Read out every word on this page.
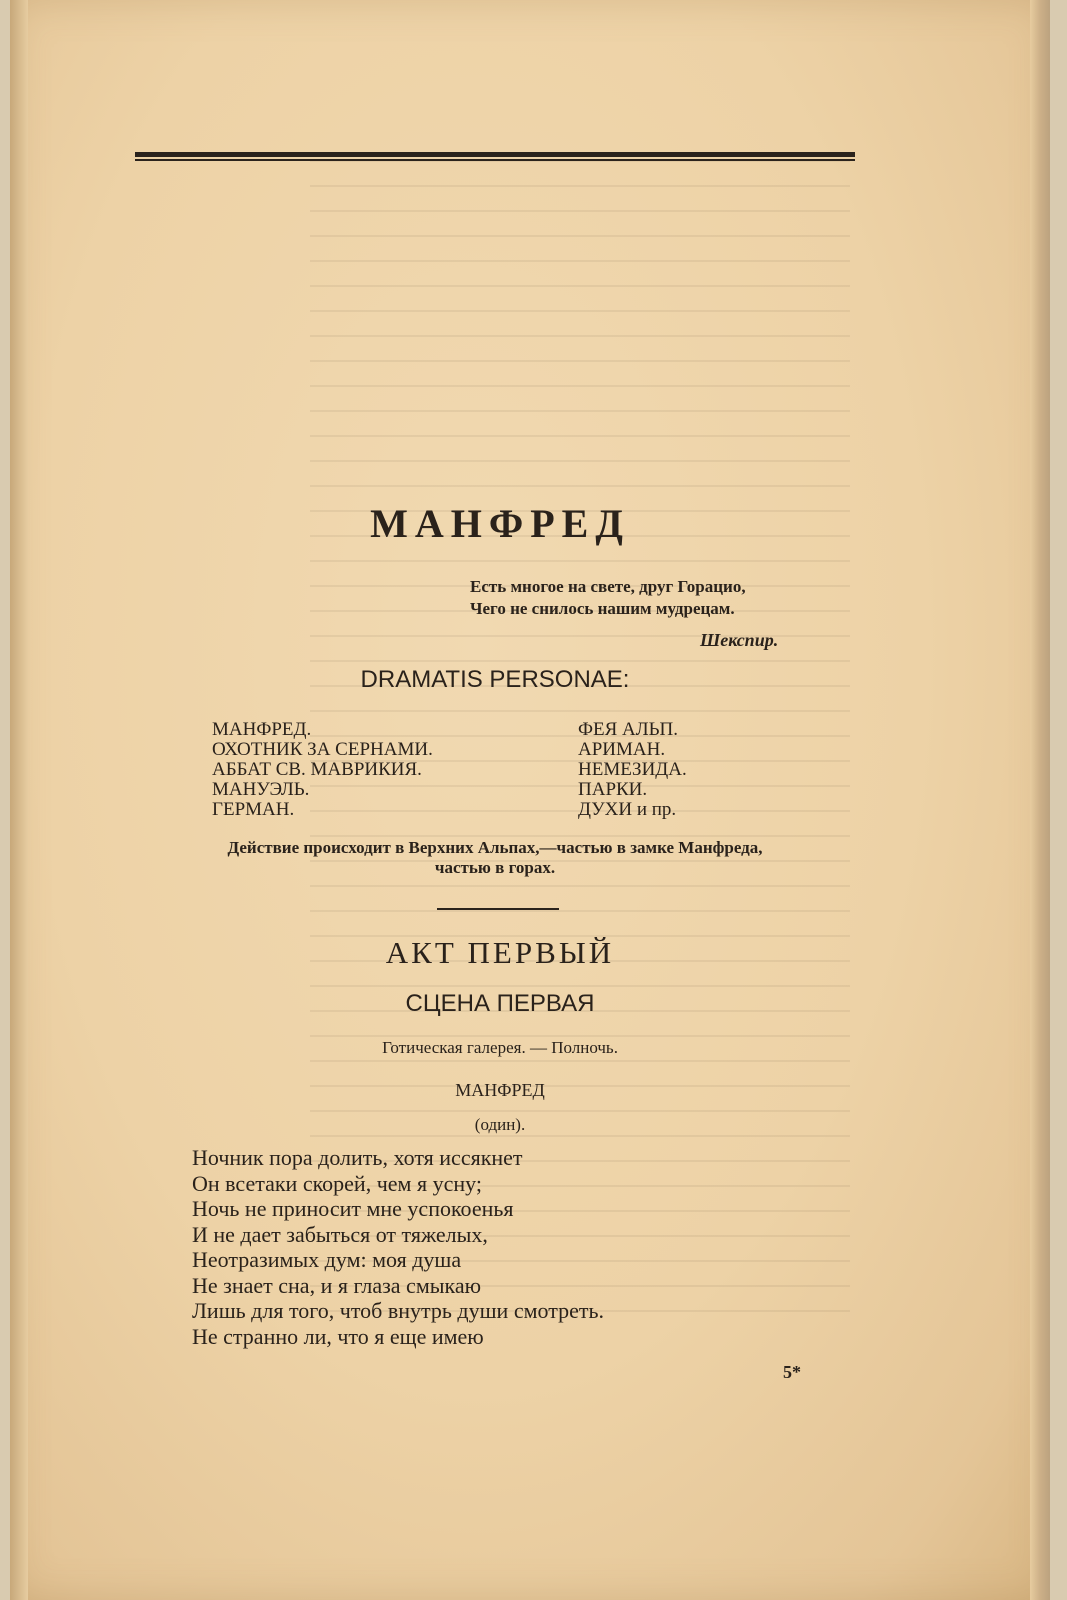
МАНФРЕД
Есть многое на свете, друг Горацио,
Чего не снилось нашим мудрецам.
Шекспир.
DRAMATIS PERSONAE:
МАНФРЕД.
ОХОТНИК ЗА СЕРНАМИ.
АББАТ СВ. МАВРИКИЯ.
МАНУЭЛЬ.
ГЕРМАН.
ФЕЯ АЛЬП.
АРИМАН.
НЕМЕЗИДА.
ПАРКИ.
ДУХИ и пр.
Действие происходит в Верхних Альпах,—частью в замке Манфреда,
частью в горах.
АКТ ПЕРВЫЙ
СЦЕНА ПЕРВАЯ
Готическая галерея. — Полночь.
МАНФРЕД
(один).
Ночник пора долить, хотя иссякнет
Он всетаки скорей, чем я усну;
Ночь не приносит мне успокоенья
И не дает забыться от тяжелых,
Неотразимых дум: моя душа
Не знает сна, и я глаза смыкаю
Лишь для того, чтоб внутрь души смотреть.
Не странно ли, что я еще имею
5*
